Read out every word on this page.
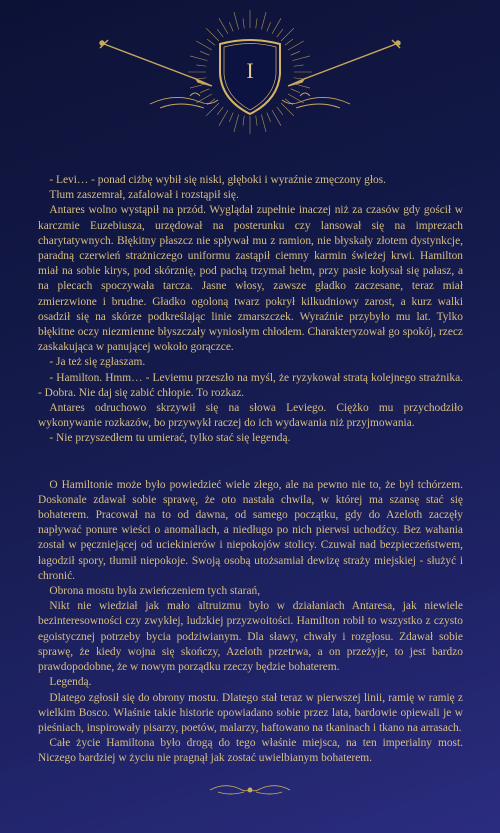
I

- Levi… - ponad ciżbę wybił się niski, głęboki i wyraźnie zmęczony głos.

Tłum zaszemrał, zafalował i rozstąpił się.

Antares wolno wystąpił na przód. Wyglądał zupełnie inaczej niż za czasów gdy gościł w karczmie Euzebiusza, urzędował na posterunku czy lansował się na imprezach charytatywnych. Błękitny płaszcz nie spływał mu z ramion, nie błyskały złotem dystynkcje, paradną czerwień strażniczego uniformu zastąpił ciemny karmin świeżej krwi. Hamilton miał na sobie kirys, pod skórznię, pod pachą trzymał hełm, przy pasie kołysał się pałasz, a na plecach spoczywała tarcza. Jasne włosy, zawsze gładko zaczesane, teraz miał zmierzwione i brudne. Gładko ogoloną twarz pokrył kilkudniowy zarost, a kurz walki osadził się na skórze podkreślając linie zmarszczek. Wyraźnie przybyło mu lat. Tylko błękitne oczy niezmienne błyszczały wyniosłym chłodem. Charakteryzował go spokój, rzecz zaskakująca w panującej wokoło gorączce.

- Ja też się zgłaszam.

- Hamilton. Hmm… - Leviemu przeszło na myśl, że ryzykował stratą kolejnego strażnika. - Dobra. Nie daj się zabić chłopie. To rozkaz.

Antares odruchowo skrzywił się na słowa Leviego. Ciężko mu przychodziło wykonywanie rozkazów, bo przywykł raczej do ich wydawania niż przyjmowania.

- Nie przyszedłem tu umierać, tylko stać się legendą.

O Hamiltonie może było powiedzieć wiele złego, ale na pewno nie to, że był tchórzem. Doskonale zdawał sobie sprawę, że oto nastała chwila, w której ma szansę stać się bohaterem. Pracował na to od dawna, od samego początku, gdy do Azeloth zaczęły napływać ponure wieści o anomaliach, a niedługo po nich pierwsi uchodźcy. Bez wahania został w pęczniejącej od uciekinierów i niepokojów stolicy. Czuwał nad bezpieczeństwem, łagodził spory, tłumił niepokoje. Swoją osobą utożsamiał dewizę straży miejskiej - służyć i chronić.

Obrona mostu była zwieńczeniem tych starań,

Nikt nie wiedział jak mało altruizmu było w działaniach Antaresa, jak niewiele bezinteresowności czy zwykłej, ludzkiej przyzwoitości. Hamilton robił to wszystko z czysto egoistycznej potrzeby bycia podziwianym. Dla sławy, chwały i rozgłosu. Zdawał sobie sprawę, że kiedy wojna się skończy, Azeloth przetrwa, a on przeżyje, to jest bardzo prawdopodobne, że w nowym porządku rzeczy będzie bohaterem.

Legendą.

Dlatego zgłosił się do obrony mostu. Dlatego stał teraz w pierwszej linii, ramię w ramię z wielkim Bosco. Właśnie takie historie opowiadano sobie przez lata, bardowie opiewali je w pieśniach, inspirowały pisarzy, poetów, malarzy, haftowano na tkaninach i tkano na arrasach.

Całe życie Hamiltona było drogą do tego właśnie miejsca, na ten imperialny most. Niczego bardziej w życiu nie pragnął jak zostać uwielbianym bohaterem.
